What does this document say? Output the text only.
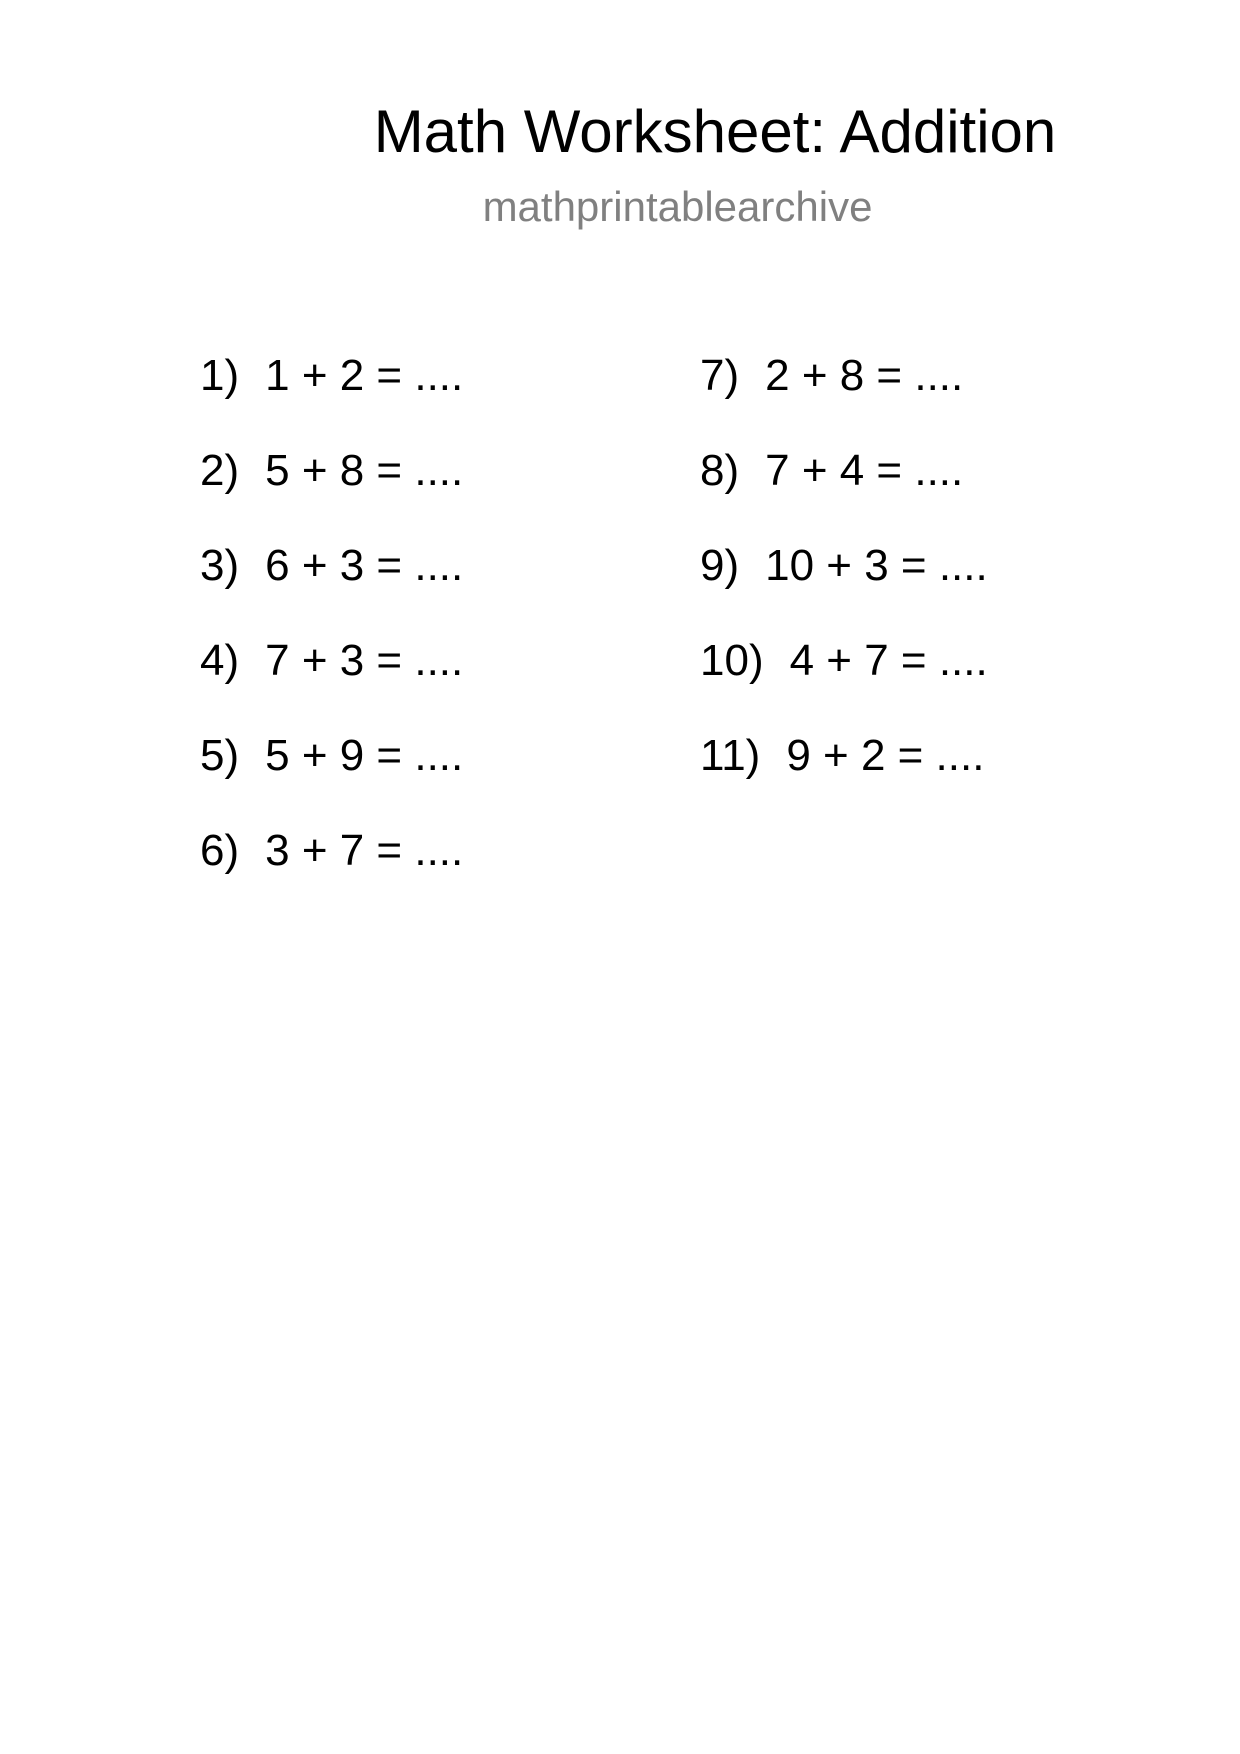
Math Worksheet: Addition
mathprintablearchive
1) 1 + 2 = ....
2) 5 + 8 = ....
3) 6 + 3 = ....
4) 7 + 3 = ....
5) 5 + 9 = ....
6) 3 + 7 = ....
7) 2 + 8 = ....
8) 7 + 4 = ....
9) 10 + 3 = ....
10) 4 + 7 = ....
11) 9 + 2 = ....
